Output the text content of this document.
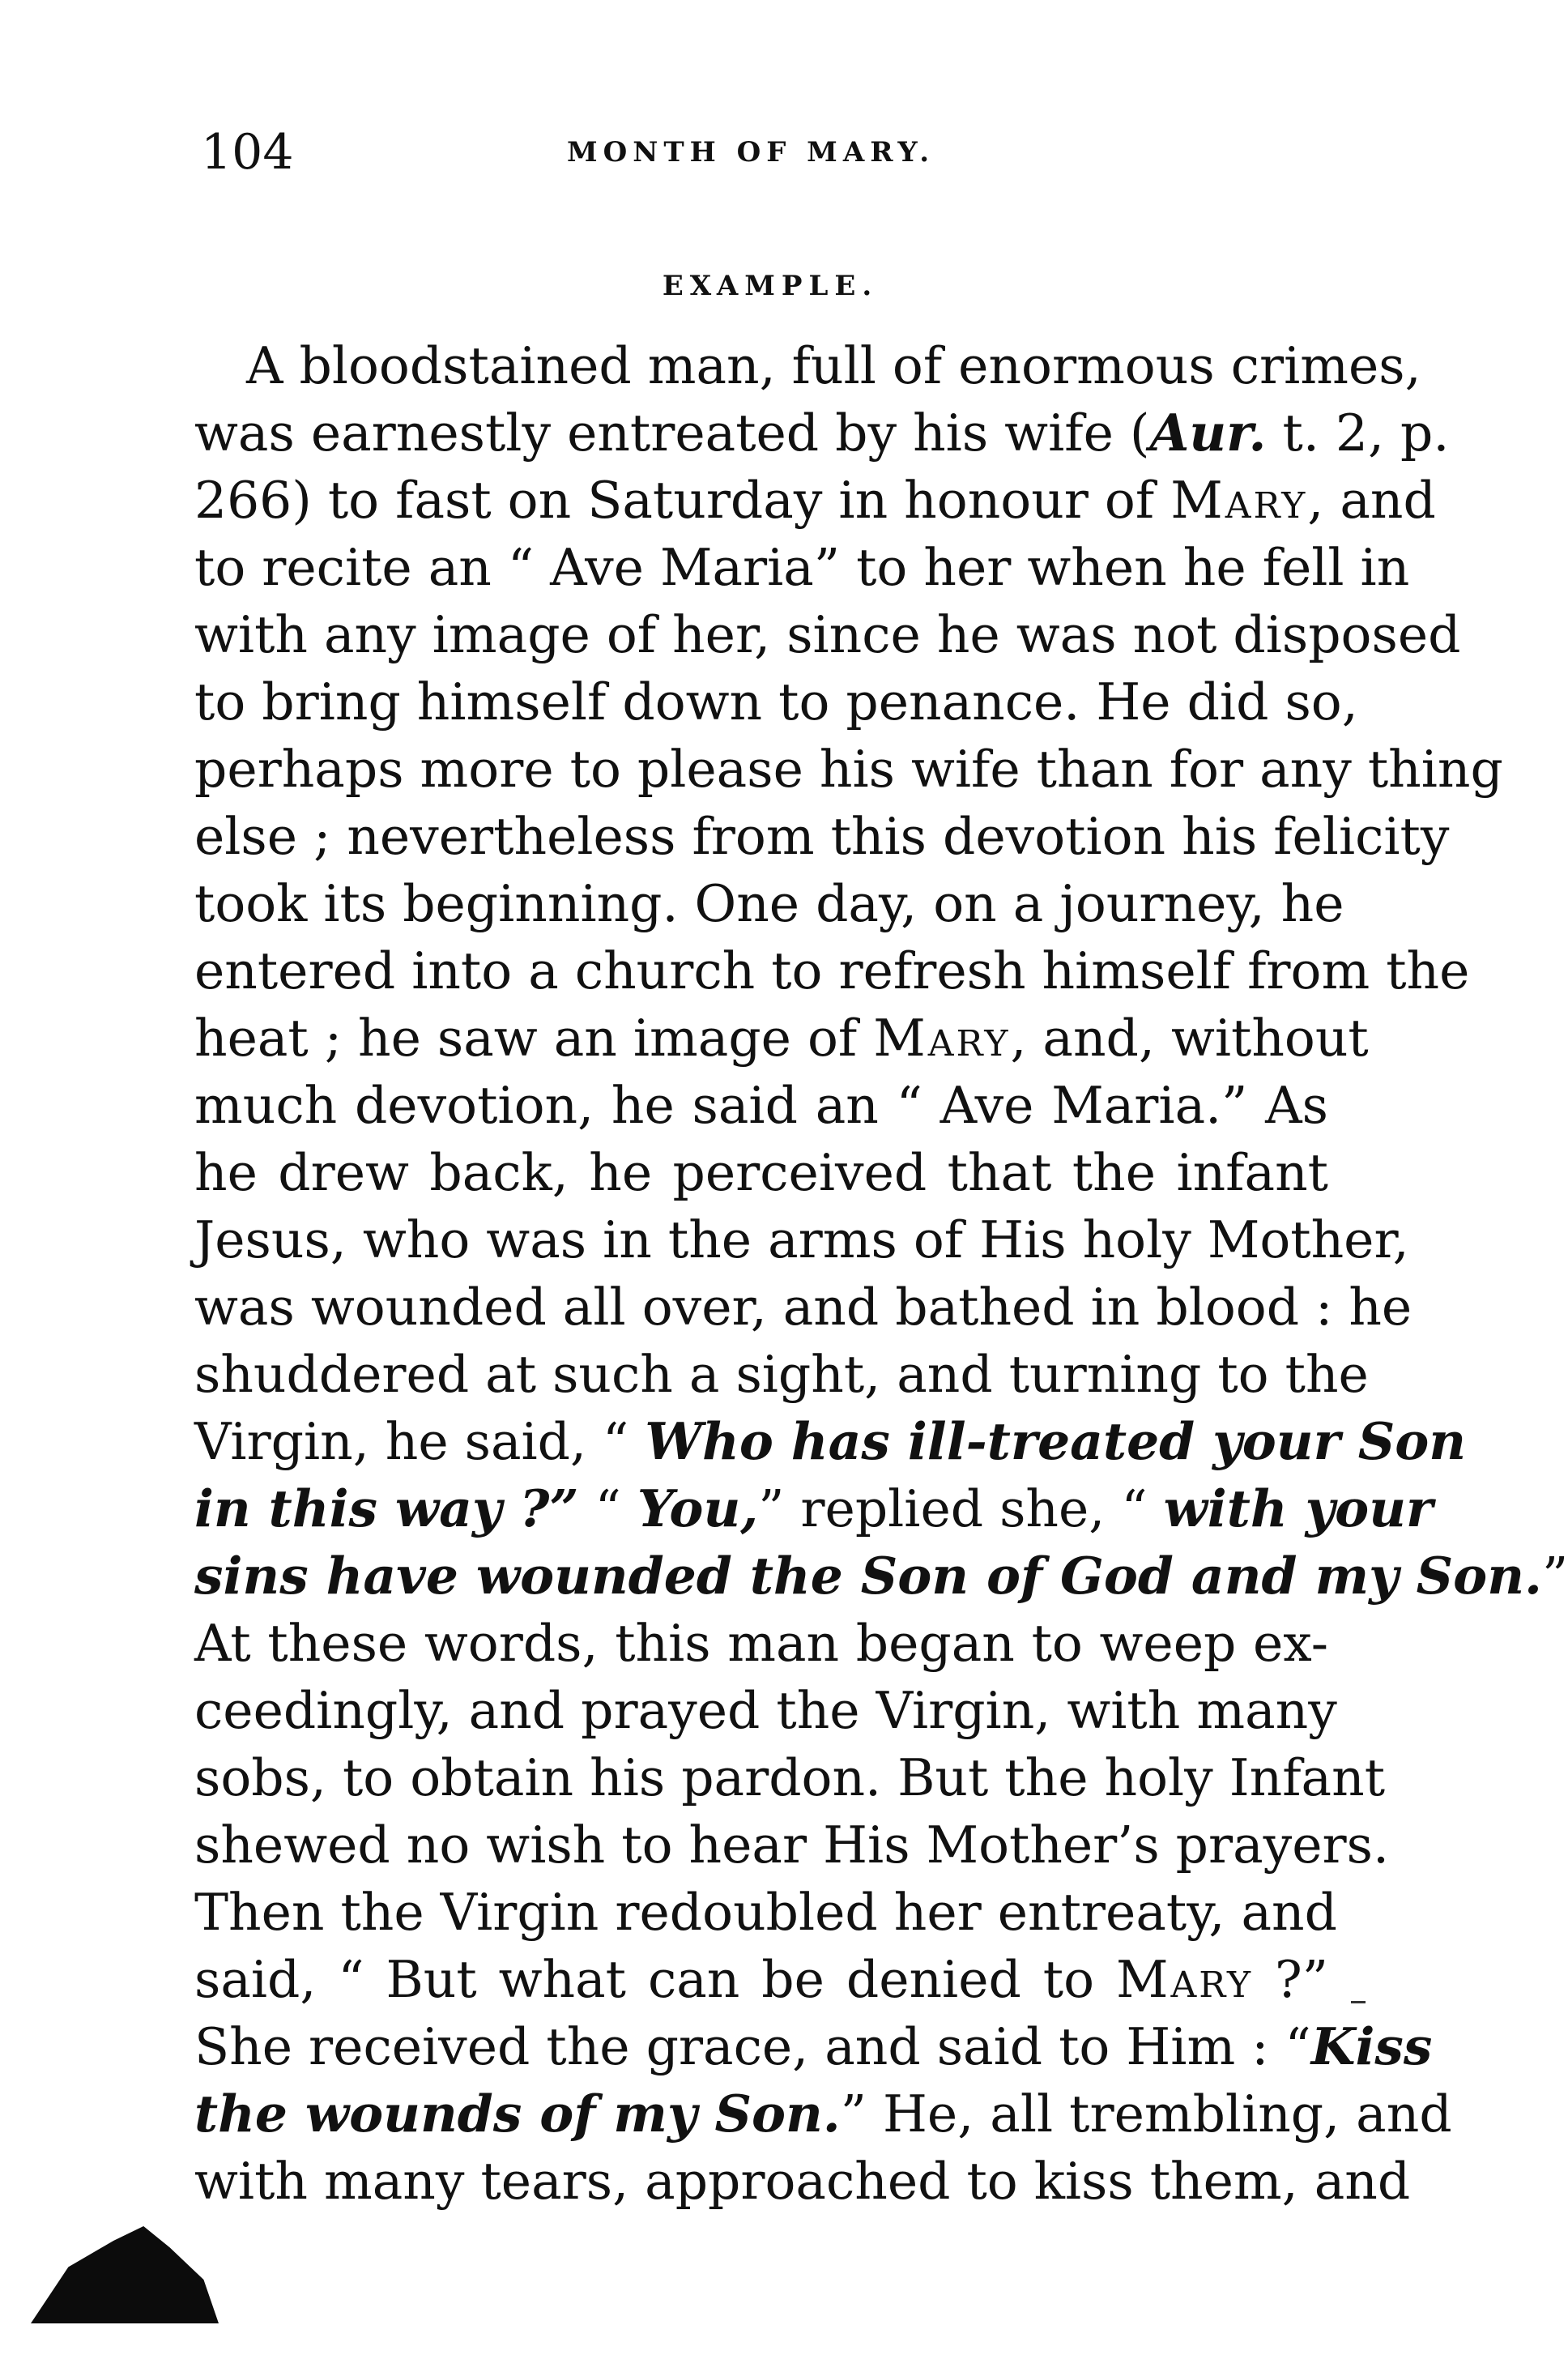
104	MONTH OF MARY.
EXAMPLE.
A bloodstained man, full of enormous crimes,
was earnestly entreated by his wife (Aur. t. 2, p.
266) to fast on Saturday in honour of Mary, and
to recite an “ Ave Maria” to her when he fell in
with any image of her, since he was not disposed
to bring himself down to penance. He did so,
perhaps more to please his wife than for any thing
else ; nevertheless from this devotion his felicity
took its beginning. One day, on a journey, he
entered into a church to refresh himself from the
heat ; he saw an image of Mary, and, without
much devotion, he said an “ Ave Maria.” As
he drew back, he perceived that the infant
Jesus, who was in the arms of His holy Mother,
was wounded all over, and bathed in blood : he
shuddered at such a sight, and turning to the
Virgin, he said, “ Who has ill-treated your Son
in this way ?” “ You,” replied she, “ with your
sins have wounded the Son of God and my Son.”
At these words, this man began to weep ex-
ceedingly, and prayed the Virgin, with many
sobs, to obtain his pardon. But the holy Infant
shewed no wish to hear His Mother’s prayers.
Then the Virgin redoubled her entreaty, and
said, “ But what can be denied to Mary ?”
She received the grace, and said to Him : “Kiss
the wounds of my Son.” He, all trembling, and
with many tears, approached to kiss them, and
